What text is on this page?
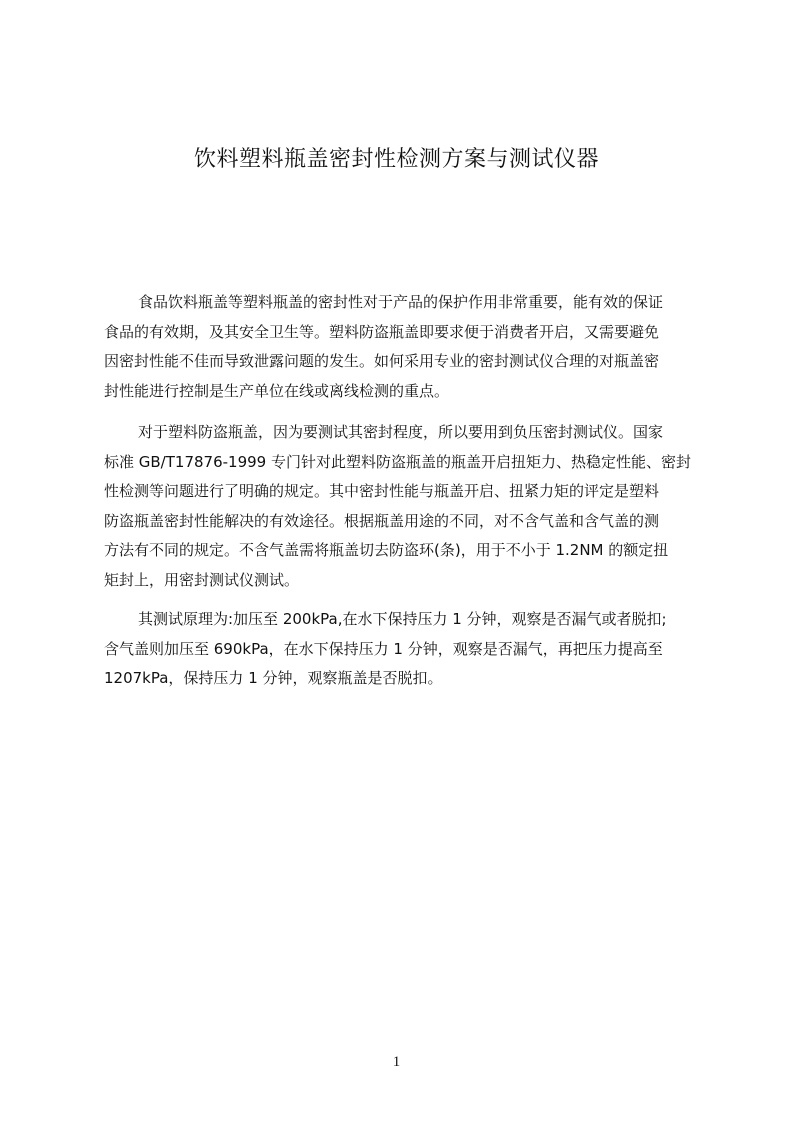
饮料塑料瓶盖密封性检测方案与测试仪器
食品饮料瓶盖等塑料瓶盖的密封性对于产品的保护作用非常重要，能有效的保证
食品的有效期，及其安全卫生等。塑料防盗瓶盖即要求便于消费者开启，又需要避免
因密封性能不佳而导致泄露问题的发生。如何采用专业的密封测试仪合理的对瓶盖密
封性能进行控制是生产单位在线或离线检测的重点。
对于塑料防盗瓶盖，因为要测试其密封程度，所以要用到负压密封测试仪。国家
标准 GB/T17876-1999 专门针对此塑料防盗瓶盖的瓶盖开启扭矩力、热稳定性能、密封
性检测等问题进行了明确的规定。其中密封性能与瓶盖开启、扭紧力矩的评定是塑料
防盗瓶盖密封性能解决的有效途径。根据瓶盖用途的不同，对不含气盖和含气盖的测
方法有不同的规定。不含气盖需将瓶盖切去防盗环(条)，用于不小于 1.2NM 的额定扭
矩封上，用密封测试仪测试。
其测试原理为:加压至 200kPa,在水下保持压力 1 分钟，观察是否漏气或者脱扣;
含气盖则加压至 690kPa，在水下保持压力 1 分钟，观察是否漏气，再把压力提高至
1207kPa，保持压力 1 分钟，观察瓶盖是否脱扣。
1
